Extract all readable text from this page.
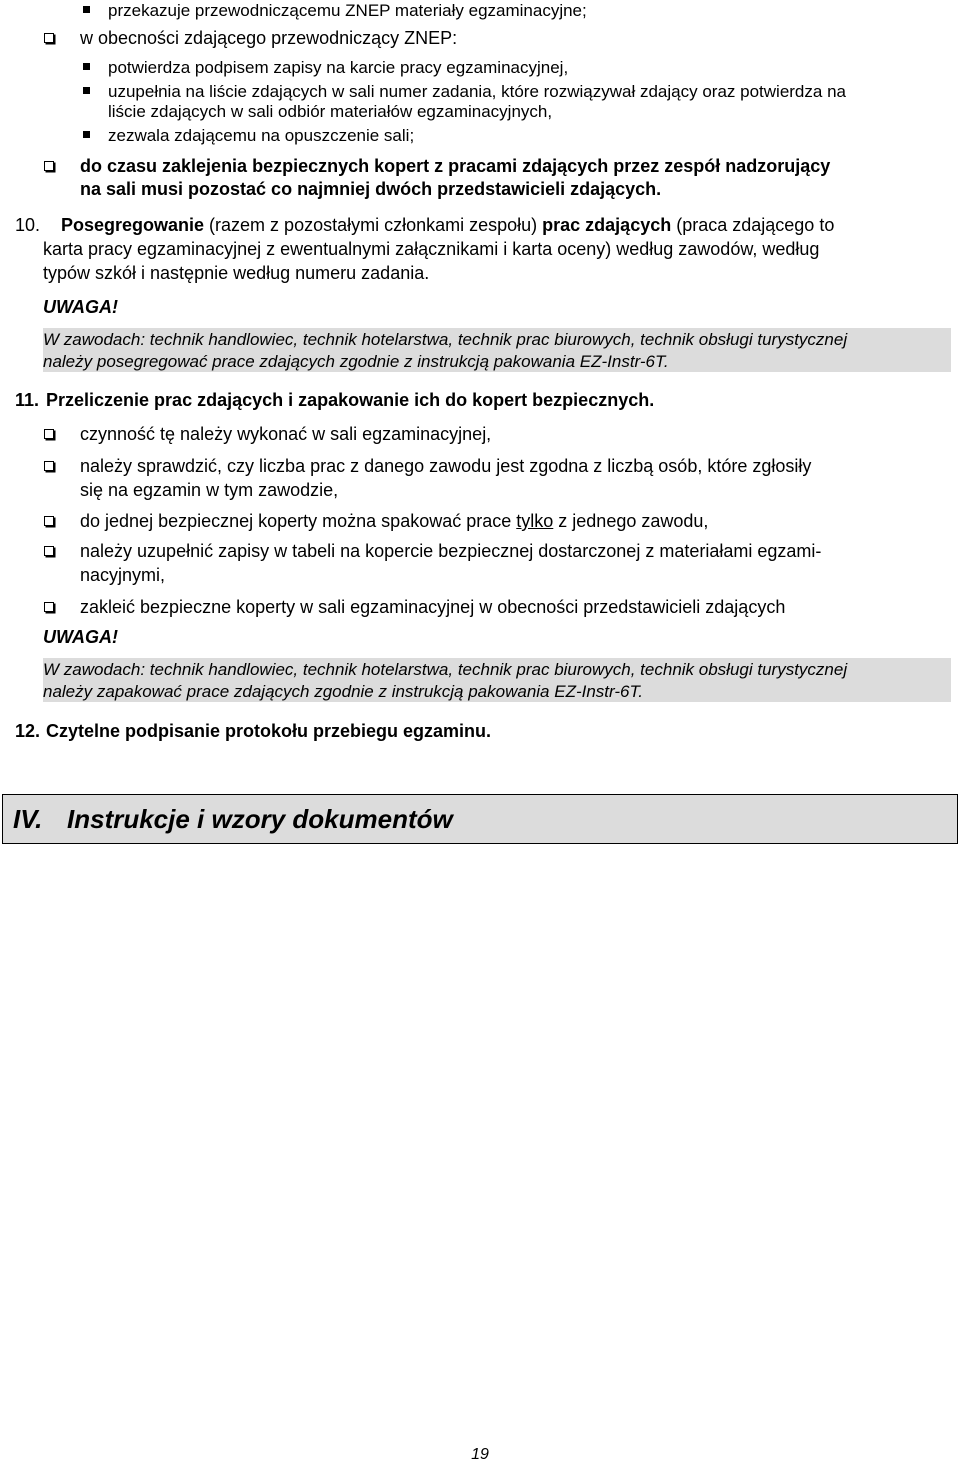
przekazuje przewodniczącemu ZNEP materiały egzaminacyjne;
w obecności zdającego przewodniczący ZNEP:
potwierdza podpisem zapisy na karcie pracy egzaminacyjnej,
uzupełnia na liście zdających w sali numer zadania, które rozwiązywał zdający oraz potwierdza na
liście zdających w sali odbiór materiałów egzaminacyjnych,
zezwala zdającemu na opuszczenie sali;
do czasu zaklejenia bezpiecznych kopert z pracami zdających przez zespół nadzorujący
na sali musi pozostać co najmniej dwóch przedstawicieli zdających.
10. Posegregowanie (razem z pozostałymi członkami zespołu) prac zdających (praca zdającego to
karta pracy egzaminacyjnej z ewentualnymi załącznikami i karta oceny) według zawodów, według
typów szkół i następnie według numeru zadania.
UWAGA!
W zawodach: technik handlowiec, technik hotelarstwa, technik prac biurowych, technik obsługi turystycznej
należy posegregować prace zdających zgodnie z instrukcją pakowania EZ-Instr-6T.
11. Przeliczenie prac zdających i zapakowanie ich do kopert bezpiecznych.
czynność tę należy wykonać w sali egzaminacyjnej,
należy sprawdzić, czy liczba prac z danego zawodu jest zgodna z liczbą osób, które zgłosiły
się na egzamin w tym zawodzie,
do jednej bezpiecznej koperty można spakować prace tylko z jednego zawodu,
należy uzupełnić zapisy w tabeli na kopercie bezpiecznej dostarczonej z materiałami egzami-
nacyjnymi,
zakleić bezpieczne koperty w sali egzaminacyjnej w obecności przedstawicieli zdających
UWAGA!
W zawodach: technik handlowiec, technik hotelarstwa, technik prac biurowych, technik obsługi turystycznej
należy zapakować prace zdających zgodnie z instrukcją pakowania EZ-Instr-6T.
12. Czytelne podpisanie protokołu przebiegu egzaminu.
IV. Instrukcje i wzory dokumentów
19
